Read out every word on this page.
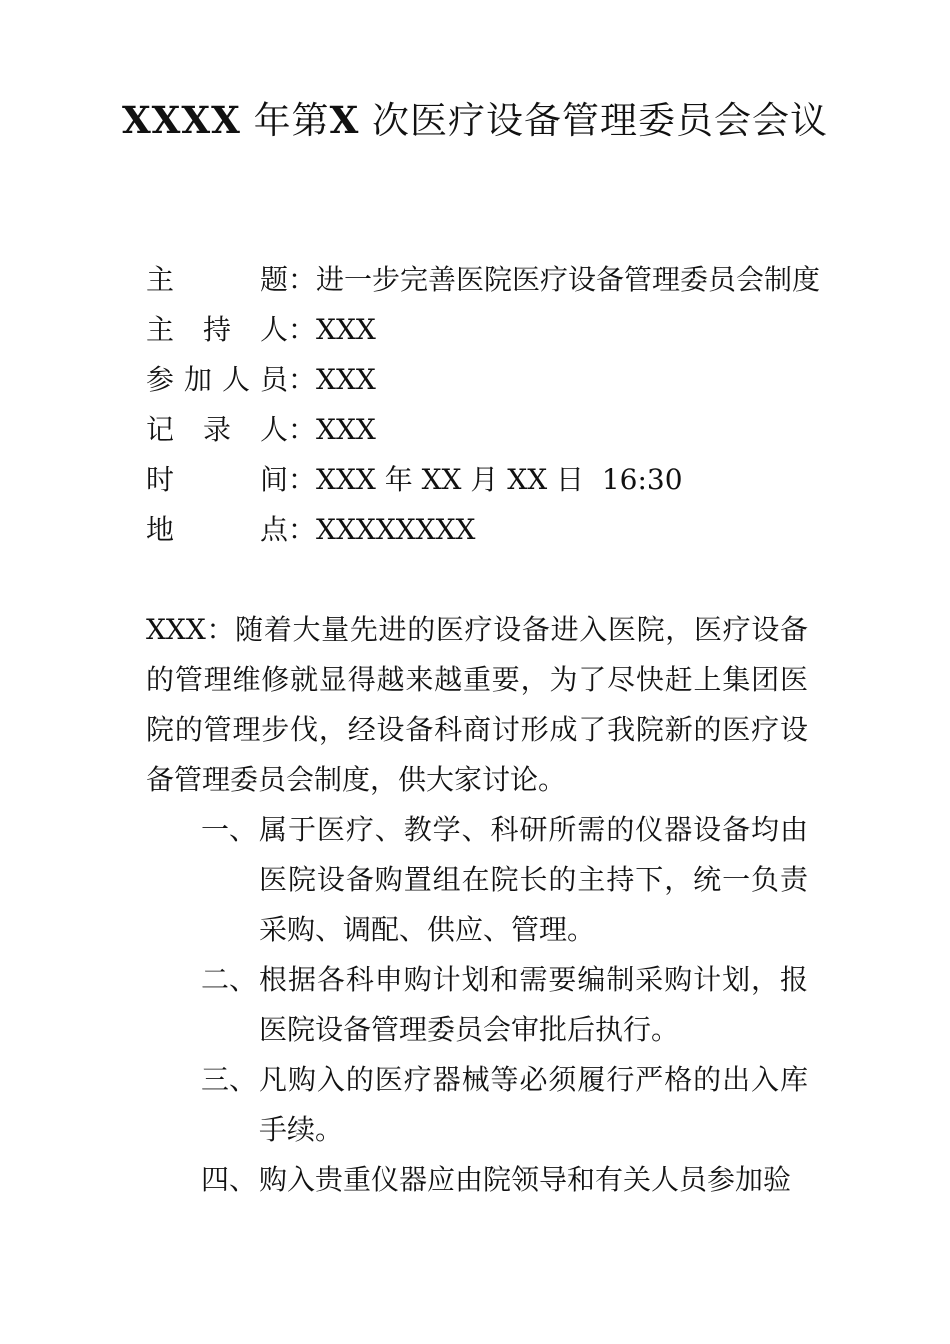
XXXX 年第X 次医疗设备管理委员会会议
主	题 ： 进一步完善医院医疗设备管理委员会制度
主 持 人 ： XXX
参 加 人 员 ： XXX
记 录 人 ： XXX
时	间 ： XXX 年 XX 月 XX 日  16:30
地	点 ： XXXXXXXX
XXX：随着大量先进的医疗设备进入医院，医疗设备的管理维修就显得越来越重要，为了尽快赶上集团医院的管理步伐，经设备科商讨形成了我院新的医疗设备管理委员会制度，供大家讨论。
一、 属于医疗、教学、科研所需的仪器设备均由医院设备购置组在院长的主持下，统一负责采购、调配、供应、管理。
二、 根据各科申购计划和需要编制采购计划，报医院设备管理委员会审批后执行。
三、 凡购入的医疗器械等必须履行严格的出入库手续。
四、 购入贵重仪器应由院领导和有关人员参加验
